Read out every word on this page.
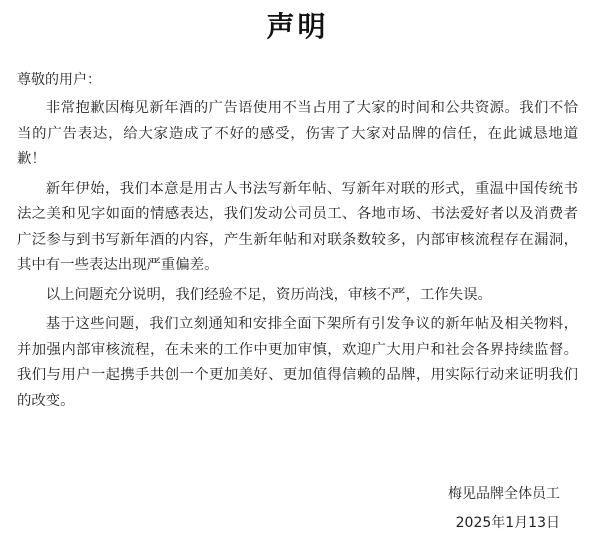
声明

尊敬的用户：

非常抱歉因梅见新年酒的广告语使用不当占用了大家的时间和公共资源。我们不恰当的广告表达，给大家造成了不好的感受，伤害了大家对品牌的信任，在此诚恳地道歉！

新年伊始，我们本意是用古人书法写新年帖、写新年对联的形式，重温中国传统书法之美和见字如面的情感表达，我们发动公司员工、各地市场、书法爱好者以及消费者广泛参与到书写新年酒的内容，产生新年帖和对联条数较多，内部审核流程存在漏洞，其中有一些表达出现严重偏差。

以上问题充分说明，我们经验不足，资历尚浅，审核不严，工作失误。

基于这些问题，我们立刻通知和安排全面下架所有引发争议的新年帖及相关物料，并加强内部审核流程，在未来的工作中更加审慎，欢迎广大用户和社会各界持续监督。我们与用户一起携手共创一个更加美好、更加值得信赖的品牌，用实际行动来证明我们的改变。

梅见品牌全体员工
2025年1月13日
